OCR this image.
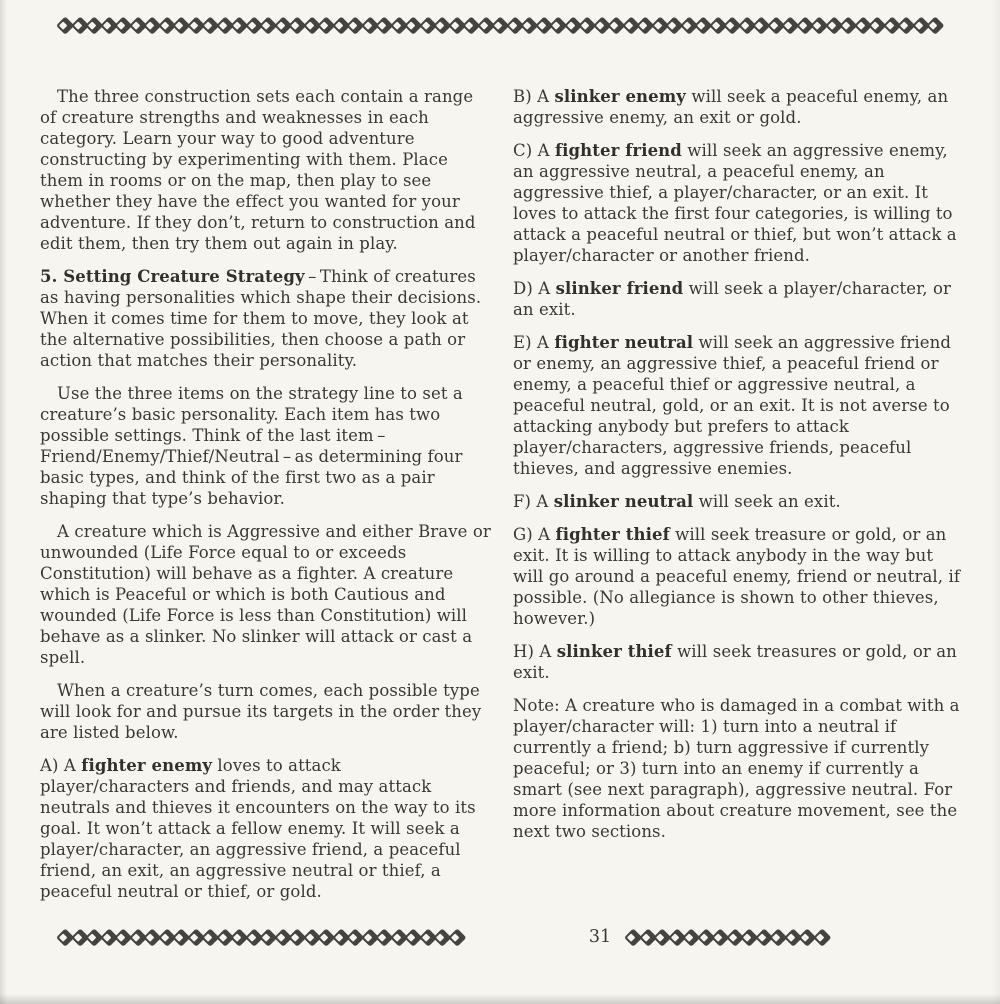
The three construction sets each contain a range of creature strengths and weaknesses in each category. Learn your way to good adventure constructing by experimenting with them. Place them in rooms or on the map, then play to see whether they have the effect you wanted for your adventure. If they don’t, return to construction and edit them, then try them out again in play.

5. Setting Creature Strategy – Think of creatures as having personalities which shape their decisions. When it comes time for them to move, they look at the alternative possibilities, then choose a path or action that matches their personality.

Use the three items on the strategy line to set a creature’s basic personality. Each item has two possible settings. Think of the last item – Friend/Enemy/Thief/Neutral – as determining four basic types, and think of the first two as a pair shaping that type’s behavior.

A creature which is Aggressive and either Brave or unwounded (Life Force equal to or exceeds Constitution) will behave as a fighter. A creature which is Peaceful or which is both Cautious and wounded (Life Force is less than Constitution) will behave as a slinker. No slinker will attack or cast a spell.

When a creature’s turn comes, each possible type will look for and pursue its targets in the order they are listed below.

A) A fighter enemy loves to attack player/characters and friends, and may attack neutrals and thieves it encounters on the way to its goal. It won’t attack a fellow enemy. It will seek a player/character, an aggressive friend, a peaceful friend, an exit, an aggressive neutral or thief, a peaceful neutral or thief, or gold.

B) A slinker enemy will seek a peaceful enemy, an aggressive enemy, an exit or gold.

C) A fighter friend will seek an aggressive enemy, an aggressive neutral, a peaceful enemy, an aggressive thief, a player/character, or an exit. It loves to attack the first four categories, is willing to attack a peaceful neutral or thief, but won’t attack a player/character or another friend.

D) A slinker friend will seek a player/character, or an exit.

E) A fighter neutral will seek an aggressive friend or enemy, an aggressive thief, a peaceful friend or enemy, a peaceful thief or aggressive neutral, a peaceful neutral, gold, or an exit. It is not averse to attacking anybody but prefers to attack player/characters, aggressive friends, peaceful thieves, and aggressive enemies.

F) A slinker neutral will seek an exit.

G) A fighter thief will seek treasure or gold, or an exit. It is willing to attack anybody in the way but will go around a peaceful enemy, friend or neutral, if possible. (No allegiance is shown to other thieves, however.)

H) A slinker thief will seek treasures or gold, or an exit.

Note: A creature who is damaged in a combat with a player/character will: 1) turn into a neutral if currently a friend; b) turn aggressive if currently peaceful; or 3) turn into an enemy if currently a smart (see next paragraph), aggressive neutral. For more information about creature movement, see the next two sections.

31
